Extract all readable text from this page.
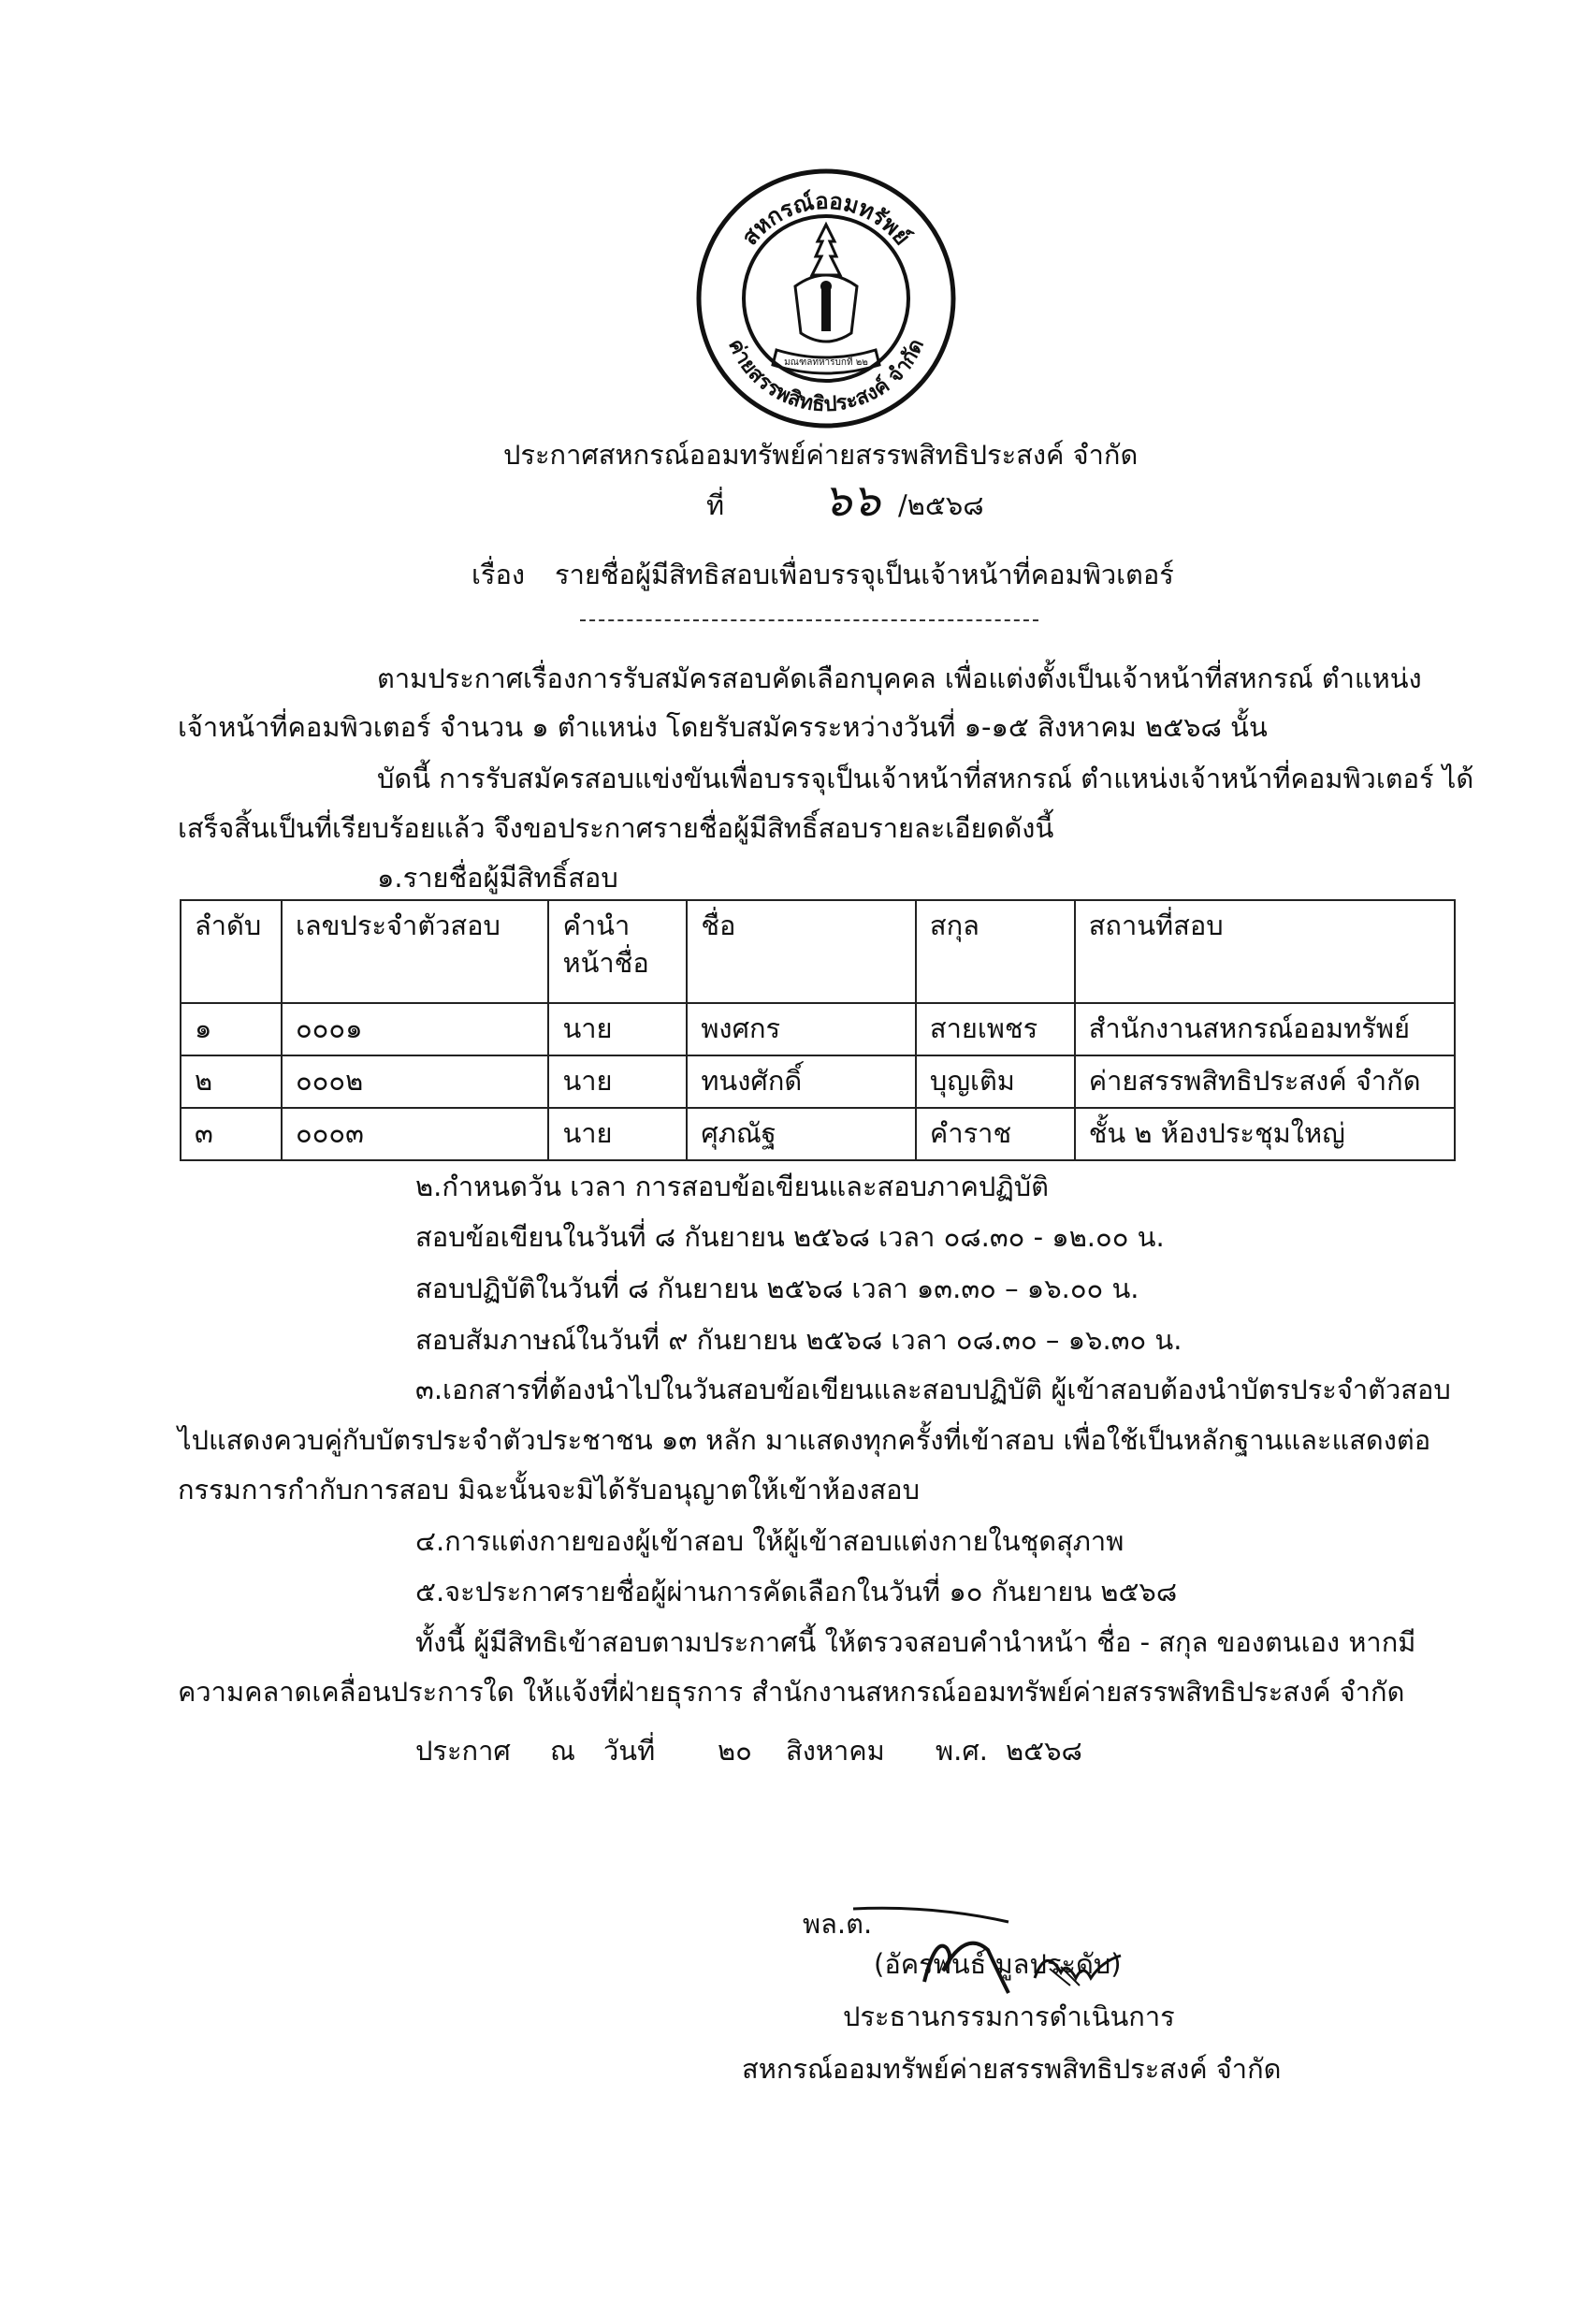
สหกรณ์ออมทรัพย์
ค่ายสรรพสิทธิประสงค์ จำกัด
มณฑลทหารบกที่ ๒๒
ประกาศสหกรณ์ออมทรัพย์ค่ายสรรพสิทธิประสงค์ จำกัด
ที่ ๖๖ /๒๕๖๘
เรื่อง รายชื่อผู้มีสิทธิสอบเพื่อบรรจุเป็นเจ้าหน้าที่คอมพิวเตอร์
ตามประกาศเรื่องการรับสมัครสอบคัดเลือกบุคคล เพื่อแต่งตั้งเป็นเจ้าหน้าที่สหกรณ์ ตำแหน่ง
เจ้าหน้าที่คอมพิวเตอร์ จำนวน ๑ ตำแหน่ง โดยรับสมัครระหว่างวันที่ ๑-๑๕ สิงหาคม ๒๕๖๘ นั้น
บัดนี้ การรับสมัครสอบแข่งขันเพื่อบรรจุเป็นเจ้าหน้าที่สหกรณ์ ตำแหน่งเจ้าหน้าที่คอมพิวเตอร์ ได้
เสร็จสิ้นเป็นที่เรียบร้อยแล้ว จึงขอประกาศรายชื่อผู้มีสิทธิ์สอบรายละเอียดดังนี้
๑.รายชื่อผู้มีสิทธิ์สอบ
ลำดับ	เลขประจำตัวสอบ	คำนำ
หน้าชื่อ	ชื่อ	สกุล	สถานที่สอบ
๑	๐๐๐๑	นาย	พงศกร	สายเพชร	สำนักงานสหกรณ์ออมทรัพย์
๒	๐๐๐๒	นาย	ทนงศักดิ์	บุญเติม	ค่ายสรรพสิทธิประสงค์ จำกัด
๓	๐๐๐๓	นาย	ศุภณัฐ	คำราช	ชั้น ๒ ห้องประชุมใหญ่
๒.กำหนดวัน เวลา การสอบข้อเขียนและสอบภาคปฏิบัติ
สอบข้อเขียนในวันที่ ๘ กันยายน ๒๕๖๘ เวลา ๐๘.๓๐ - ๑๒.๐๐ น.
สอบปฏิบัติในวันที่ ๘ กันยายน ๒๕๖๘ เวลา ๑๓.๓๐ – ๑๖.๐๐ น.
สอบสัมภาษณ์ในวันที่ ๙ กันยายน ๒๕๖๘ เวลา ๐๘.๓๐ – ๑๖.๓๐ น.
๓.เอกสารที่ต้องนำไปในวันสอบข้อเขียนและสอบปฏิบัติ ผู้เข้าสอบต้องนำบัตรประจำตัวสอบ
ไปแสดงควบคู่กับบัตรประจำตัวประชาชน ๑๓ หลัก มาแสดงทุกครั้งที่เข้าสอบ เพื่อใช้เป็นหลักฐานและแสดงต่อ
กรรมการกำกับการสอบ มิฉะนั้นจะมิได้รับอนุญาตให้เข้าห้องสอบ
๔.การแต่งกายของผู้เข้าสอบ ให้ผู้เข้าสอบแต่งกายในชุดสุภาพ
๕.จะประกาศรายชื่อผู้ผ่านการคัดเลือกในวันที่ ๑๐ กันยายน ๒๕๖๘
ทั้งนี้ ผู้มีสิทธิเข้าสอบตามประกาศนี้ ให้ตรวจสอบคำนำหน้า ชื่อ - สกุล ของตนเอง หากมี
ความคลาดเคลื่อนประการใด ให้แจ้งที่ฝ่ายธุรการ สำนักงานสหกรณ์ออมทรัพย์ค่ายสรรพสิทธิประสงค์ จำกัด
ประกาศ ณ วันที่ ๒๐ สิงหาคม พ.ศ. ๒๕๖๘
พล.ต.
(อัครพนธ์ มูลประดับ)
ประธานกรรมการดำเนินการ
สหกรณ์ออมทรัพย์ค่ายสรรพสิทธิประสงค์ จำกัด
